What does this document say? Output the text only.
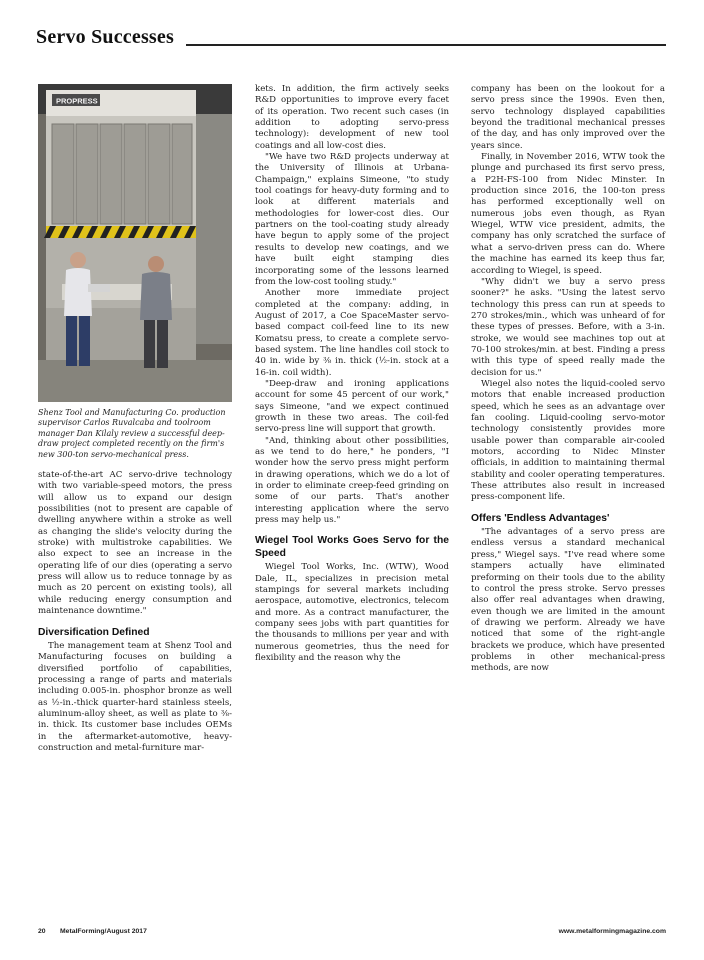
Servo Successes
PROPRESS
Shenz Tool and Manufacturing Co. production supervisor Carlos Ruvalcaba and toolroom manager Dan Kilaly review a successful deep-draw project completed recently on the firm's new 300-ton servo-mechanical press.

state-of-the-art AC servo-drive technology with two variable-speed motors, the press will allow us to expand our design possibilities (not to present are capable of dwelling anywhere within a stroke as well as changing the slide's velocity during the stroke) with multistroke capabilities. We also expect to see an increase in the operating life of our dies (operating a servo press will allow us to reduce tonnage by as much as 20 percent on existing tools), all while reducing energy consumption and maintenance downtime."

Diversification Defined

The management team at Shenz Tool and Manufacturing focuses on building a diversified portfolio of capabilities, processing a range of parts and materials including 0.005-in. phosphor bronze as well as ½-in.-thick quarter-hard stainless steels, aluminum-alloy sheet, as well as plate to ⅜-in. thick. Its customer base includes OEMs in the aftermarket-automotive, heavy-construction and metal-furniture mar-

kets. In addition, the firm actively seeks R&D opportunities to improve every facet of its operation. Two recent such cases (in addition to adopting servo-press technology): development of new tool coatings and all low-cost dies.

"We have two R&D projects underway at the University of Illinois at Urbana-Champaign," explains Simeone, "to study tool coatings for heavy-duty forming and to look at different materials and methodologies for lower-cost dies. Our partners on the tool-coating study already have begun to apply some of the project results to develop new coatings, and we have built eight stamping dies incorporating some of the lessons learned from the low-cost tooling study."

Another more immediate project completed at the company: adding, in August of 2017, a Coe SpaceMaster servo-based compact coil-feed line to its new Komatsu press, to create a complete servo-based system. The line handles coil stock to 40 in. wide by ⅜ in. thick (½-in. stock at a 16-in. coil width).

"Deep-draw and ironing applications account for some 45 percent of our work," says Simeone, "and we expect continued growth in these two areas. The coil-fed servo-press line will support that growth.

"And, thinking about other possibilities, as we tend to do here," he ponders, "I wonder how the servo press might perform in drawing operations, which we do a lot of in order to eliminate creep-feed grinding on some of our parts. That's another interesting application where the servo press may help us."

Wiegel Tool Works Goes Servo for the Speed

Wiegel Tool Works, Inc. (WTW), Wood Dale, IL, specializes in precision metal stampings for several markets including aerospace, automotive, electronics, telecom and more. As a contract manufacturer, the company sees jobs with part quantities for the thousands to millions per year and with numerous geometries, thus the need for flexibility and the reason why the

company has been on the lookout for a servo press since the 1990s. Even then, servo technology displayed capabilities beyond the traditional mechanical presses of the day, and has only improved over the years since.

Finally, in November 2016, WTW took the plunge and purchased its first servo press, a P2H-FS-100 from Nidec Minster. In production since 2016, the 100-ton press has performed exceptionally well on numerous jobs even though, as Ryan Wiegel, WTW vice president, admits, the company has only scratched the surface of what a servo-driven press can do. Where the machine has earned its keep thus far, according to Wiegel, is speed.

"Why didn't we buy a servo press sooner?" he asks. "Using the latest servo technology this press can run at speeds to 270 strokes/min., which was unheard of for these types of presses. Before, with a 3-in. stroke, we would see machines top out at 70-100 strokes/min. at best. Finding a press with this type of speed really made the decision for us."

Wiegel also notes the liquid-cooled servo motors that enable increased production speed, which he sees as an advantage over fan cooling. Liquid-cooling servo-motor technology consistently provides more usable power than comparable air-cooled motors, according to Nidec Minster officials, in addition to maintaining thermal stability and cooler operating temperatures. These attributes also result in increased press-component life.

Offers 'Endless Advantages'

"The advantages of a servo press are endless versus a standard mechanical press," Wiegel says. "I've read where some stampers actually have eliminated preforming on their tools due to the ability to control the press stroke. Servo presses also offer real advantages when drawing, even though we are limited in the amount of drawing we perform. Already we have noticed that some of the right-angle brackets we produce, which have presented problems in other mechanical-press methods, are now

20 MetalForming/August 2017	www.metalformingmagazine.com
